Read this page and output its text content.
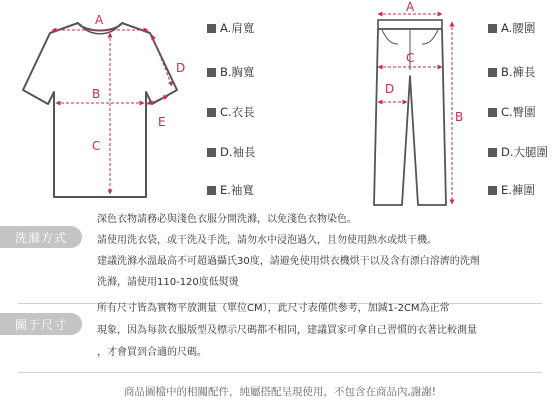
A
B
C
D
E
A.肩寬
B.胸寬
C.衣長
D.袖長
E.袖寬
A
C
D
B
A.腰圍
B.褲長
C.臀圍
D.大腿圍
E.褲圍
洗滌方式
深色衣物請務必與淺色衣服分開洗滌，以免淺色衣物染色。
請使用洗衣袋，或干洗及手洗，請勿水中浸泡過久，且勿使用熱水或烘干機。
建議洗滌水溫最高不可超過攝氏30度，請避免使用烘衣機烘干以及含有漂白溶濟的洗劑
洗滌，請使用110-120度低熨燙
關于尺寸
所有尺寸皆為實物平放測量（單位CM），此尺寸表僅供參考，加減1-2CM為正常
現象，因為每款衣服版型及標示尺碼都不相同，建議買家可拿自己習慣的衣著比較測量
，才會買到合適的尺碼。
商品圖檔中的相關配件，純屬搭配呈現使用，不包含在商品內,謝謝!
